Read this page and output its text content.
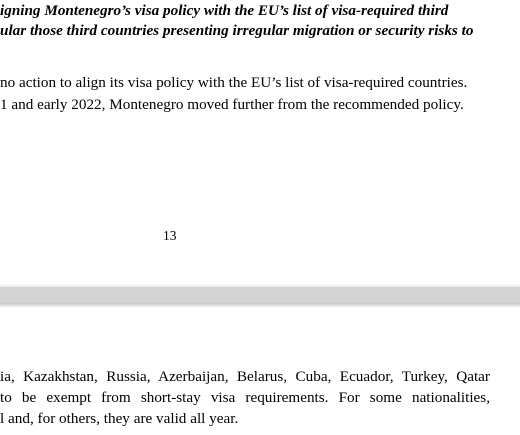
igning Montenegro’s visa policy with the EU’s list of visa-required third

ular those third countries presenting irregular migration or security risks to

no action to align its visa policy with the EU’s list of visa-required countries.

1 and early 2022, Montenegro moved further from the recommended policy.

13

ia, Kazakhstan, Russia, Azerbaijan, Belarus, Cuba, Ecuador, Turkey, Qatar

to be exempt from short-stay visa requirements. For some nationalities,

l and, for others, they are valid all year.
